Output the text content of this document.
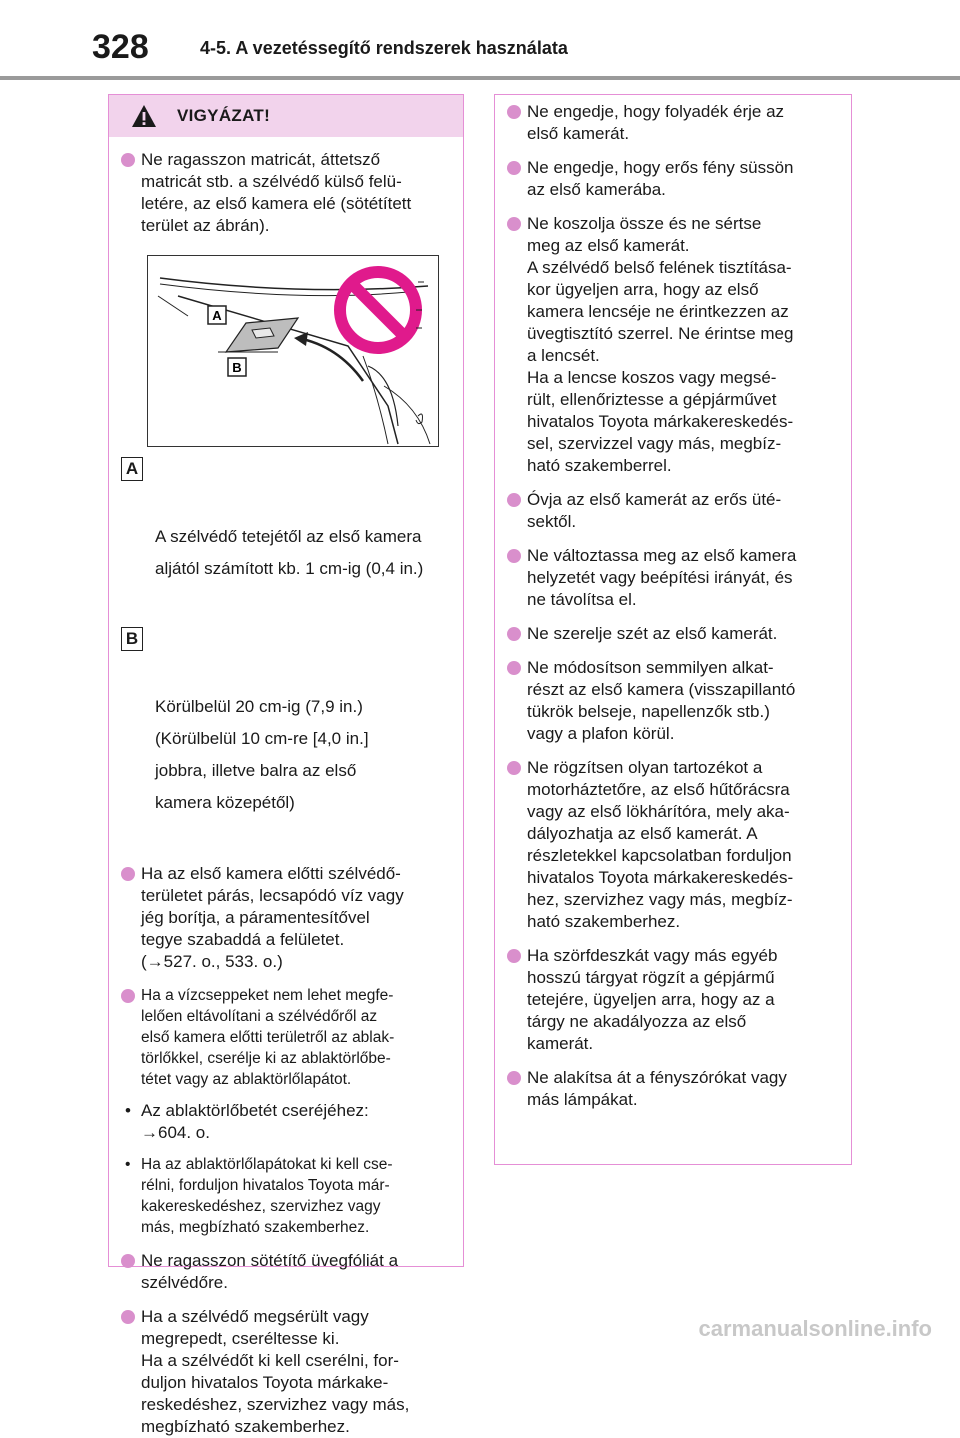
328	4-5. A vezetéssegítő rendszerek használata
VIGYÁZAT!
Ne ragasszon matricát, áttetsző
matricát stb. a szélvédő külső felü-
letére, az első kamera elé (sötétített
terület az ábrán).
A
B

A

A szélvédő tetejétől az első kamera
aljától számított kb. 1 cm-ig (0,4 in.)

B

Körülbelül 20 cm-ig (7,9 in.)
(Körülbelül 10 cm-re [4,0 in.]
jobbra, illetve balra az első
kamera közepétől)

Ha az első kamera előtti szélvédő-
területet párás, lecsapódó víz vagy
jég borítja, a páramentesítővel
tegye szabaddá a felületet.
(→527. o., 533. o.)
Ha a vízcseppeket nem lehet megfe-
lelően eltávolítani a szélvédőről az
első kamera előtti területről az ablak-
törlőkkel, cserélje ki az ablaktörlőbe-
tétet vagy az ablaktörlőlapátot.
• Az ablaktörlőbetét cseréjéhez:
→604. o.
• Ha az ablaktörlőlapátokat ki kell cse-
rélni, forduljon hivatalos Toyota már-
kakereskedéshez, szervizhez vagy
más, megbízható szakemberhez.
Ne ragasszon sötétítő üvegfóliát a
szélvédőre.
Ha a szélvédő megsérült vagy
megrepedt, cseréltesse ki.
Ha a szélvédőt ki kell cserélni, for-
duljon hivatalos Toyota márkake-
reskedéshez, szervizhez vagy más,
megbízható szakemberhez.
Ne engedje, hogy folyadék érje az
első kamerát.
Ne engedje, hogy erős fény süssön
az első kamerába.
Ne koszolja össze és ne sértse
meg az első kamerát.
A szélvédő belső felének tisztítása-
kor ügyeljen arra, hogy az első
kamera lencséje ne érintkezzen az
üvegtisztító szerrel. Ne érintse meg
a lencsét.
Ha a lencse koszos vagy megsé-
rült, ellenőriztesse a gépjárművet
hivatalos Toyota márkakereskedés-
sel, szervizzel vagy más, megbíz-
ható szakemberrel.
Óvja az első kamerát az erős üté-
sektől.
Ne változtassa meg az első kamera
helyzetét vagy beépítési irányát, és
ne távolítsa el.
Ne szerelje szét az első kamerát.
Ne módosítson semmilyen alkat-
részt az első kamera (visszapillantó
tükrök belseje, napellenzők stb.)
vagy a plafon körül.
Ne rögzítsen olyan tartozékot a
motorháztetőre, az első hűtőrácsra
vagy az első lökhárítóra, mely aka-
dályozhatja az első kamerát. A
részletekkel kapcsolatban forduljon
hivatalos Toyota márkakereskedés-
hez, szervizhez vagy más, megbíz-
ható szakemberhez.
Ha szörfdeszkát vagy más egyéb
hosszú tárgyat rögzít a gépjármű
tetejére, ügyeljen arra, hogy az a
tárgy ne akadályozza az első
kamerát.
Ne alakítsa át a fényszórókat vagy
más lámpákat.
carmanualsonline.info
